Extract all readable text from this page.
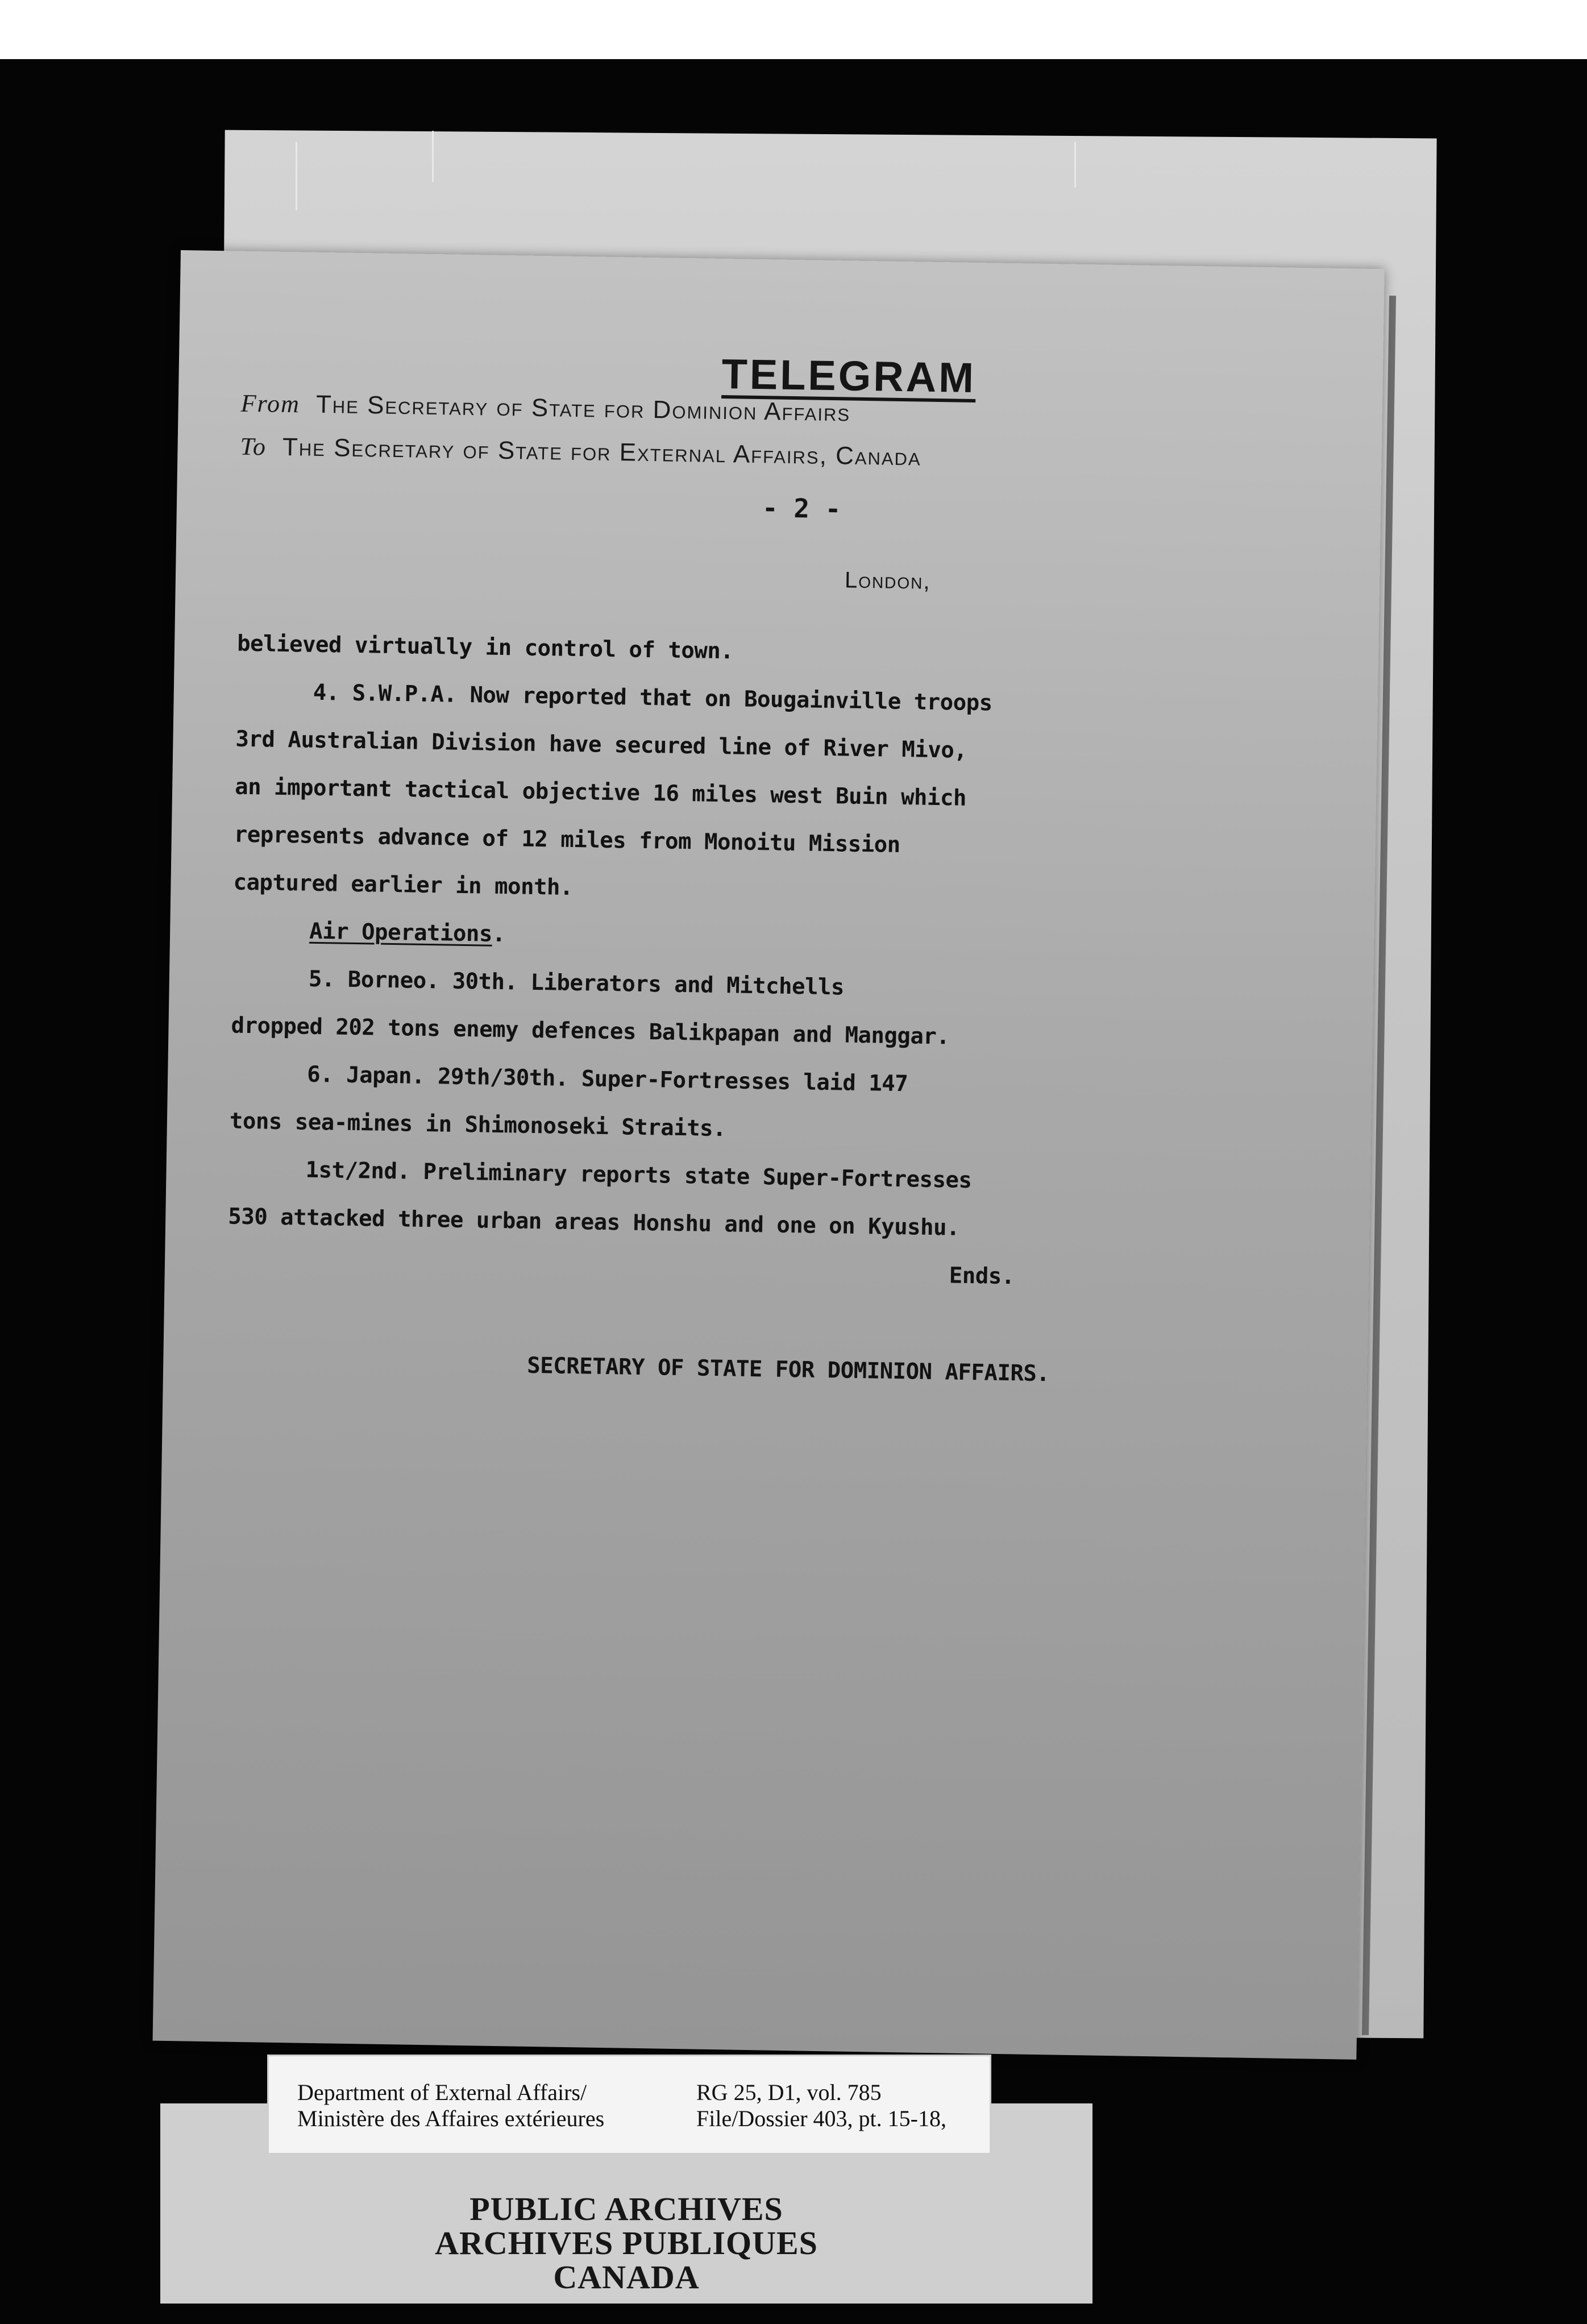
TELEGRAM
From The Secretary of State for Dominion Affairs
To The Secretary of State for External Affairs, Canada
- 2 -
London,
believed virtually in control of town.
4. S.W.P.A. Now reported that on Bougainville troops
3rd Australian Division have secured line of River Mivo,
an important tactical objective 16 miles west Buin which
represents advance of 12 miles from Monoitu Mission
captured earlier in month.
Air Operations.
5. Borneo. 30th. Liberators and Mitchells
dropped 202 tons enemy defences Balikpapan and Manggar.
6. Japan. 29th/30th. Super-Fortresses laid 147
tons sea-mines in Shimonoseki Straits.
1st/2nd. Preliminary reports state Super-Fortresses
530 attacked three urban areas Honshu and one on Kyushu.
Ends.
SECRETARY OF STATE FOR DOMINION AFFAIRS.
PUBLIC ARCHIVES
ARCHIVES PUBLIQUES
CANADA
Department of External Affairs/
Ministère des Affaires extérieures
RG 25, D1, vol. 785
File/Dossier 403, pt. 15-18,
